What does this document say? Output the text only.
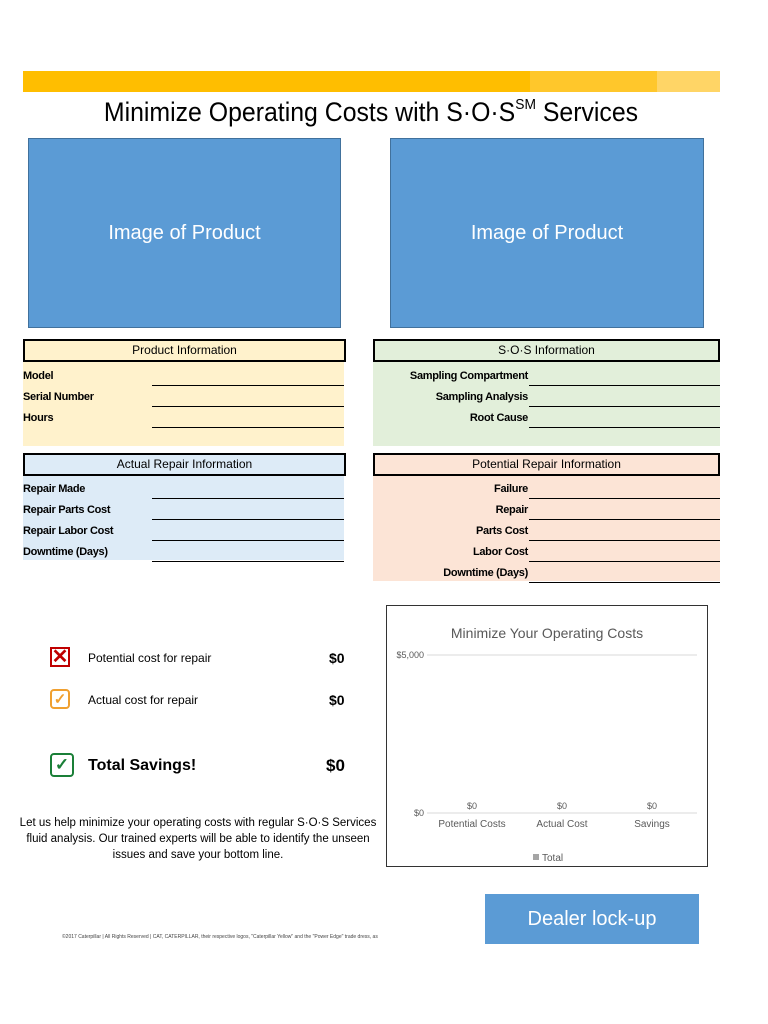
Minimize Operating Costs with S·O·S℠ Services
Image of Product	Image of Product
Product Information
Model
Serial Number
Hours
S·O·S Information
Sampling Compartment
Sampling Analysis
Root Cause
Actual Repair Information
Repair Made
Repair Parts Cost
Repair Labor Cost
Downtime (Days)
Potential Repair Information
Failure
Repair
Parts Cost
Labor Cost
Downtime (Days)
✕ Potential cost for repair	$0
✓	Actual cost for repair	$0
✓	Total Savings!	$0
Let us help minimize your operating costs with regular S·O·S Services fluid analysis. Our trained experts will be able to identify the unseen issues and save your bottom line.
©2017 Caterpillar | All Rights Reserved | CAT, CATERPILLAR, their respective logos, "Caterpillar Yellow" and the "Power Edge" trade dress, as
Minimize Your Operating Costs
$5,000
$0
$0
Potential Costs
$0
Actual Cost
$0
Savings
Total
Dealer lock-up
